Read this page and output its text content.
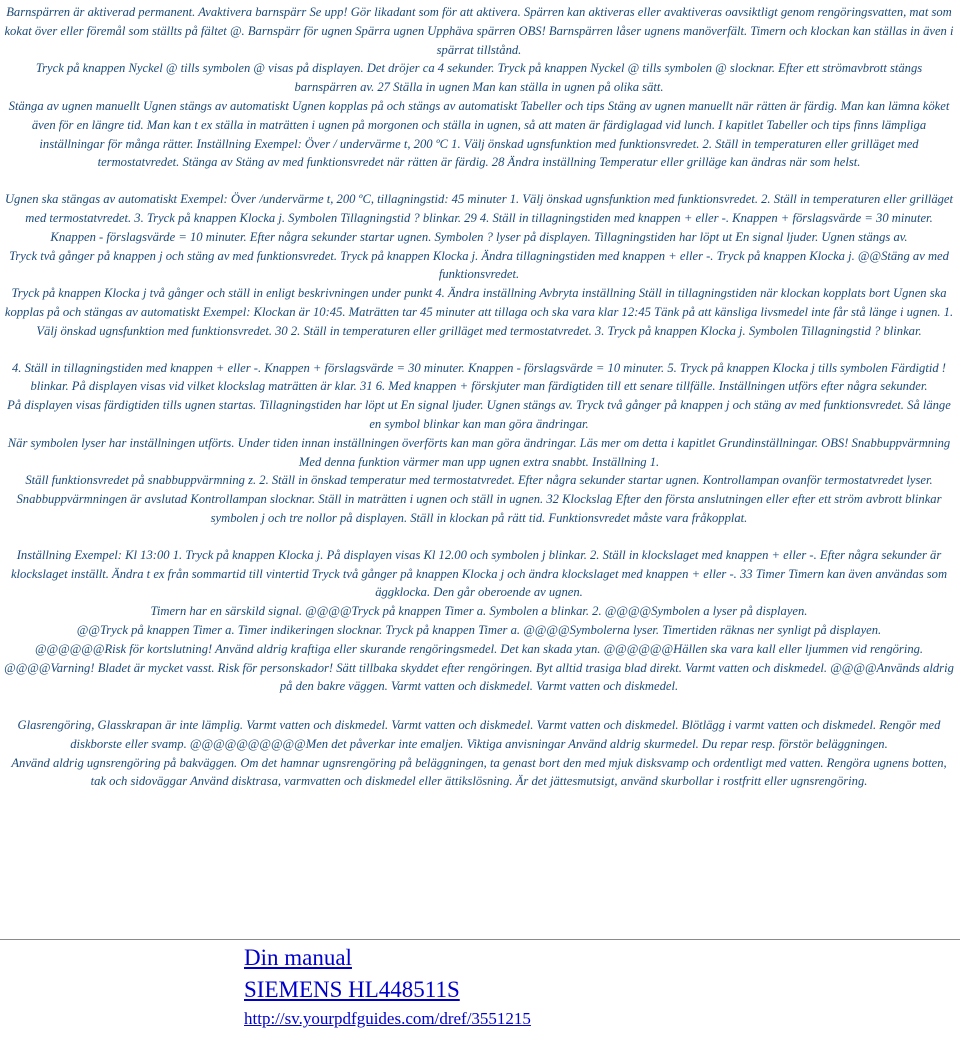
Barnspärren är aktiverad permanent. Avaktivera barnspärr Se upp! Gör likadant som för att aktivera. Spärren kan aktiveras eller avaktiveras oavsiktligt genom rengöringsvatten, mat som kokat över eller föremål som ställts på fältet @. Barnspärr för ugnen Spärra ugnen Upphäva spärren OBS! Barnspärren låser ugnens manöverfält. Timern och klockan kan ställas in även i spärrat tillstånd.

Tryck på knappen Nyckel @ tills symbolen @ visas på displayen. Det dröjer ca 4 sekunder. Tryck på knappen Nyckel @ tills symbolen @ slocknar. Efter ett strömavbrott stängs barnspärren av. 27 Ställa in ugnen Man kan ställa in ugnen på olika sätt.

Stänga av ugnen manuellt Ugnen stängs av automatiskt Ugnen kopplas på och stängs av automatiskt Tabeller och tips Stäng av ugnen manuellt när rätten är färdig. Man kan lämna köket även för en längre tid. Man kan t ex ställa in maträtten i ugnen på morgonen och ställa in ugnen, så att maten är färdiglagad vid lunch. I kapitlet Tabeller och tips finns lämpliga inställningar för många rätter. Inställning Exempel: Över / undervärme t, 200 ºC 1. Välj önskad ugnsfunktion med funktionsvredet. 2. Ställ in temperaturen eller grilläget med termostatvredet. Stänga av Stäng av med funktionsvredet när rätten är färdig. 28 Ändra inställning Temperatur eller grilläge kan ändras när som helst.

Ugnen ska stängas av automatiskt Exempel: Över /undervärme t, 200 ºC, tillagningstid: 45 minuter 1. Välj önskad ugnsfunktion med funktionsvredet. 2. Ställ in temperaturen eller grilläget med termostatvredet. 3. Tryck på knappen Klocka j. Symbolen Tillagningstid ? blinkar. 29 4. Ställ in tillagningstiden med knappen + eller -. Knappen + förslagsvärde = 30 minuter.

Knappen - förslagsvärde = 10 minuter. Efter några sekunder startar ugnen. Symbolen ? lyser på displayen. Tillagningstiden har löpt ut En signal ljuder. Ugnen stängs av.

Tryck två gånger på knappen j och stäng av med funktionsvredet. Tryck på knappen Klocka j. Ändra tillagningstiden med knappen + eller -. Tryck på knappen Klocka j. @@Stäng av med funktionsvredet.

Tryck på knappen Klocka j två gånger och ställ in enligt beskrivningen under punkt 4. Ändra inställning Avbryta inställning Ställ in tillagningstiden när klockan kopplats bort Ugnen ska kopplas på och stängas av automatiskt Exempel: Klockan är 10:45. Maträtten tar 45 minuter att tillaga och ska vara klar 12:45 Tänk på att känsliga livsmedel inte får stå länge i ugnen. 1. Välj önskad ugnsfunktion med funktionsvredet. 30 2. Ställ in temperaturen eller grilläget med termostatvredet. 3. Tryck på knappen Klocka j. Symbolen Tillagningstid ? blinkar.

4. Ställ in tillagningstiden med knappen + eller -. Knappen + förslagsvärde = 30 minuter. Knappen - förslagsvärde = 10 minuter. 5. Tryck på knappen Klocka j tills symbolen Färdigtid ! blinkar. På displayen visas vid vilket klockslag maträtten är klar. 31 6. Med knappen + förskjuter man färdigtiden till ett senare tillfälle. Inställningen utförs efter några sekunder.

På displayen visas färdigtiden tills ugnen startas. Tillagningstiden har löpt ut En signal ljuder. Ugnen stängs av. Tryck två gånger på knappen j och stäng av med funktionsvredet. Så länge en symbol blinkar kan man göra ändringar.

När symbolen lyser har inställningen utförts. Under tiden innan inställningen överförts kan man göra ändringar. Läs mer om detta i kapitlet Grundinställningar. OBS! Snabbuppvärmning Med denna funktion värmer man upp ugnen extra snabbt. Inställning 1.

Ställ funktionsvredet på snabbuppvärmning z. 2. Ställ in önskad temperatur med termostatvredet. Efter några sekunder startar ugnen. Kontrollampan ovanför termostatvredet lyser. Snabbuppvärmningen är avslutad Kontrollampan slocknar. Ställ in maträtten i ugnen och ställ in ugnen. 32 Klockslag Efter den första anslutningen eller efter ett ström avbrott blinkar symbolen j och tre nollor på displayen. Ställ in klockan på rätt tid. Funktionsvredet måste vara fråkopplat.

Inställning Exempel: Kl 13:00 1. Tryck på knappen Klocka j. På displayen visas Kl 12.00 och symbolen j blinkar. 2. Ställ in klockslaget med knappen + eller -. Efter några sekunder är klockslaget inställt. Ändra t ex från sommartid till vintertid Tryck två gånger på knappen Klocka j och ändra klockslaget med knappen + eller -. 33 Timer Timern kan även användas som äggklocka. Den går oberoende av ugnen.

Timern har en särskild signal. @@@@Tryck på knappen Timer a. Symbolen a blinkar. 2. @@@@Symbolen a lyser på displayen.

@@Tryck på knappen Timer a. Timer indikeringen slocknar. Tryck på knappen Timer a. @@@@Symbolerna lyser. Timertiden räknas ner synligt på displayen.

@@@@@@Risk för kortslutning! Använd aldrig kraftiga eller skurande rengöringsmedel. Det kan skada ytan. @@@@@@Hällen ska vara kall eller ljummen vid rengöring. @@@@Varning! Bladet är mycket vasst. Risk för personskador! Sätt tillbaka skyddet efter rengöringen. Byt alltid trasiga blad direkt. Varmt vatten och diskmedel. @@@@Används aldrig på den bakre väggen. Varmt vatten och diskmedel. Varmt vatten och diskmedel.

Glasrengöring, Glasskrapan är inte lämplig. Varmt vatten och diskmedel. Varmt vatten och diskmedel. Varmt vatten och diskmedel. Blötlägg i varmt vatten och diskmedel. Rengör med diskborste eller svamp. @@@@@@@@@@Men det påverkar inte emaljen. Viktiga anvisningar Använd aldrig skurmedel. Du repar resp. förstör beläggningen.

Använd aldrig ugnsrengöring på bakväggen. Om det hamnar ugnsrengöring på beläggningen, ta genast bort den med mjuk disksvamp och ordentligt med vatten. Rengöra ugnens botten, tak och sidoväggar Använd disktrasa, varmvatten och diskmedel eller ättikslösning. Är det jättesmutsigt, använd skurbollar i rostfritt eller ugnsrengöring.

Din manual
SIEMENS HL448511S
http://sv.yourpdfguides.com/dref/3551215
